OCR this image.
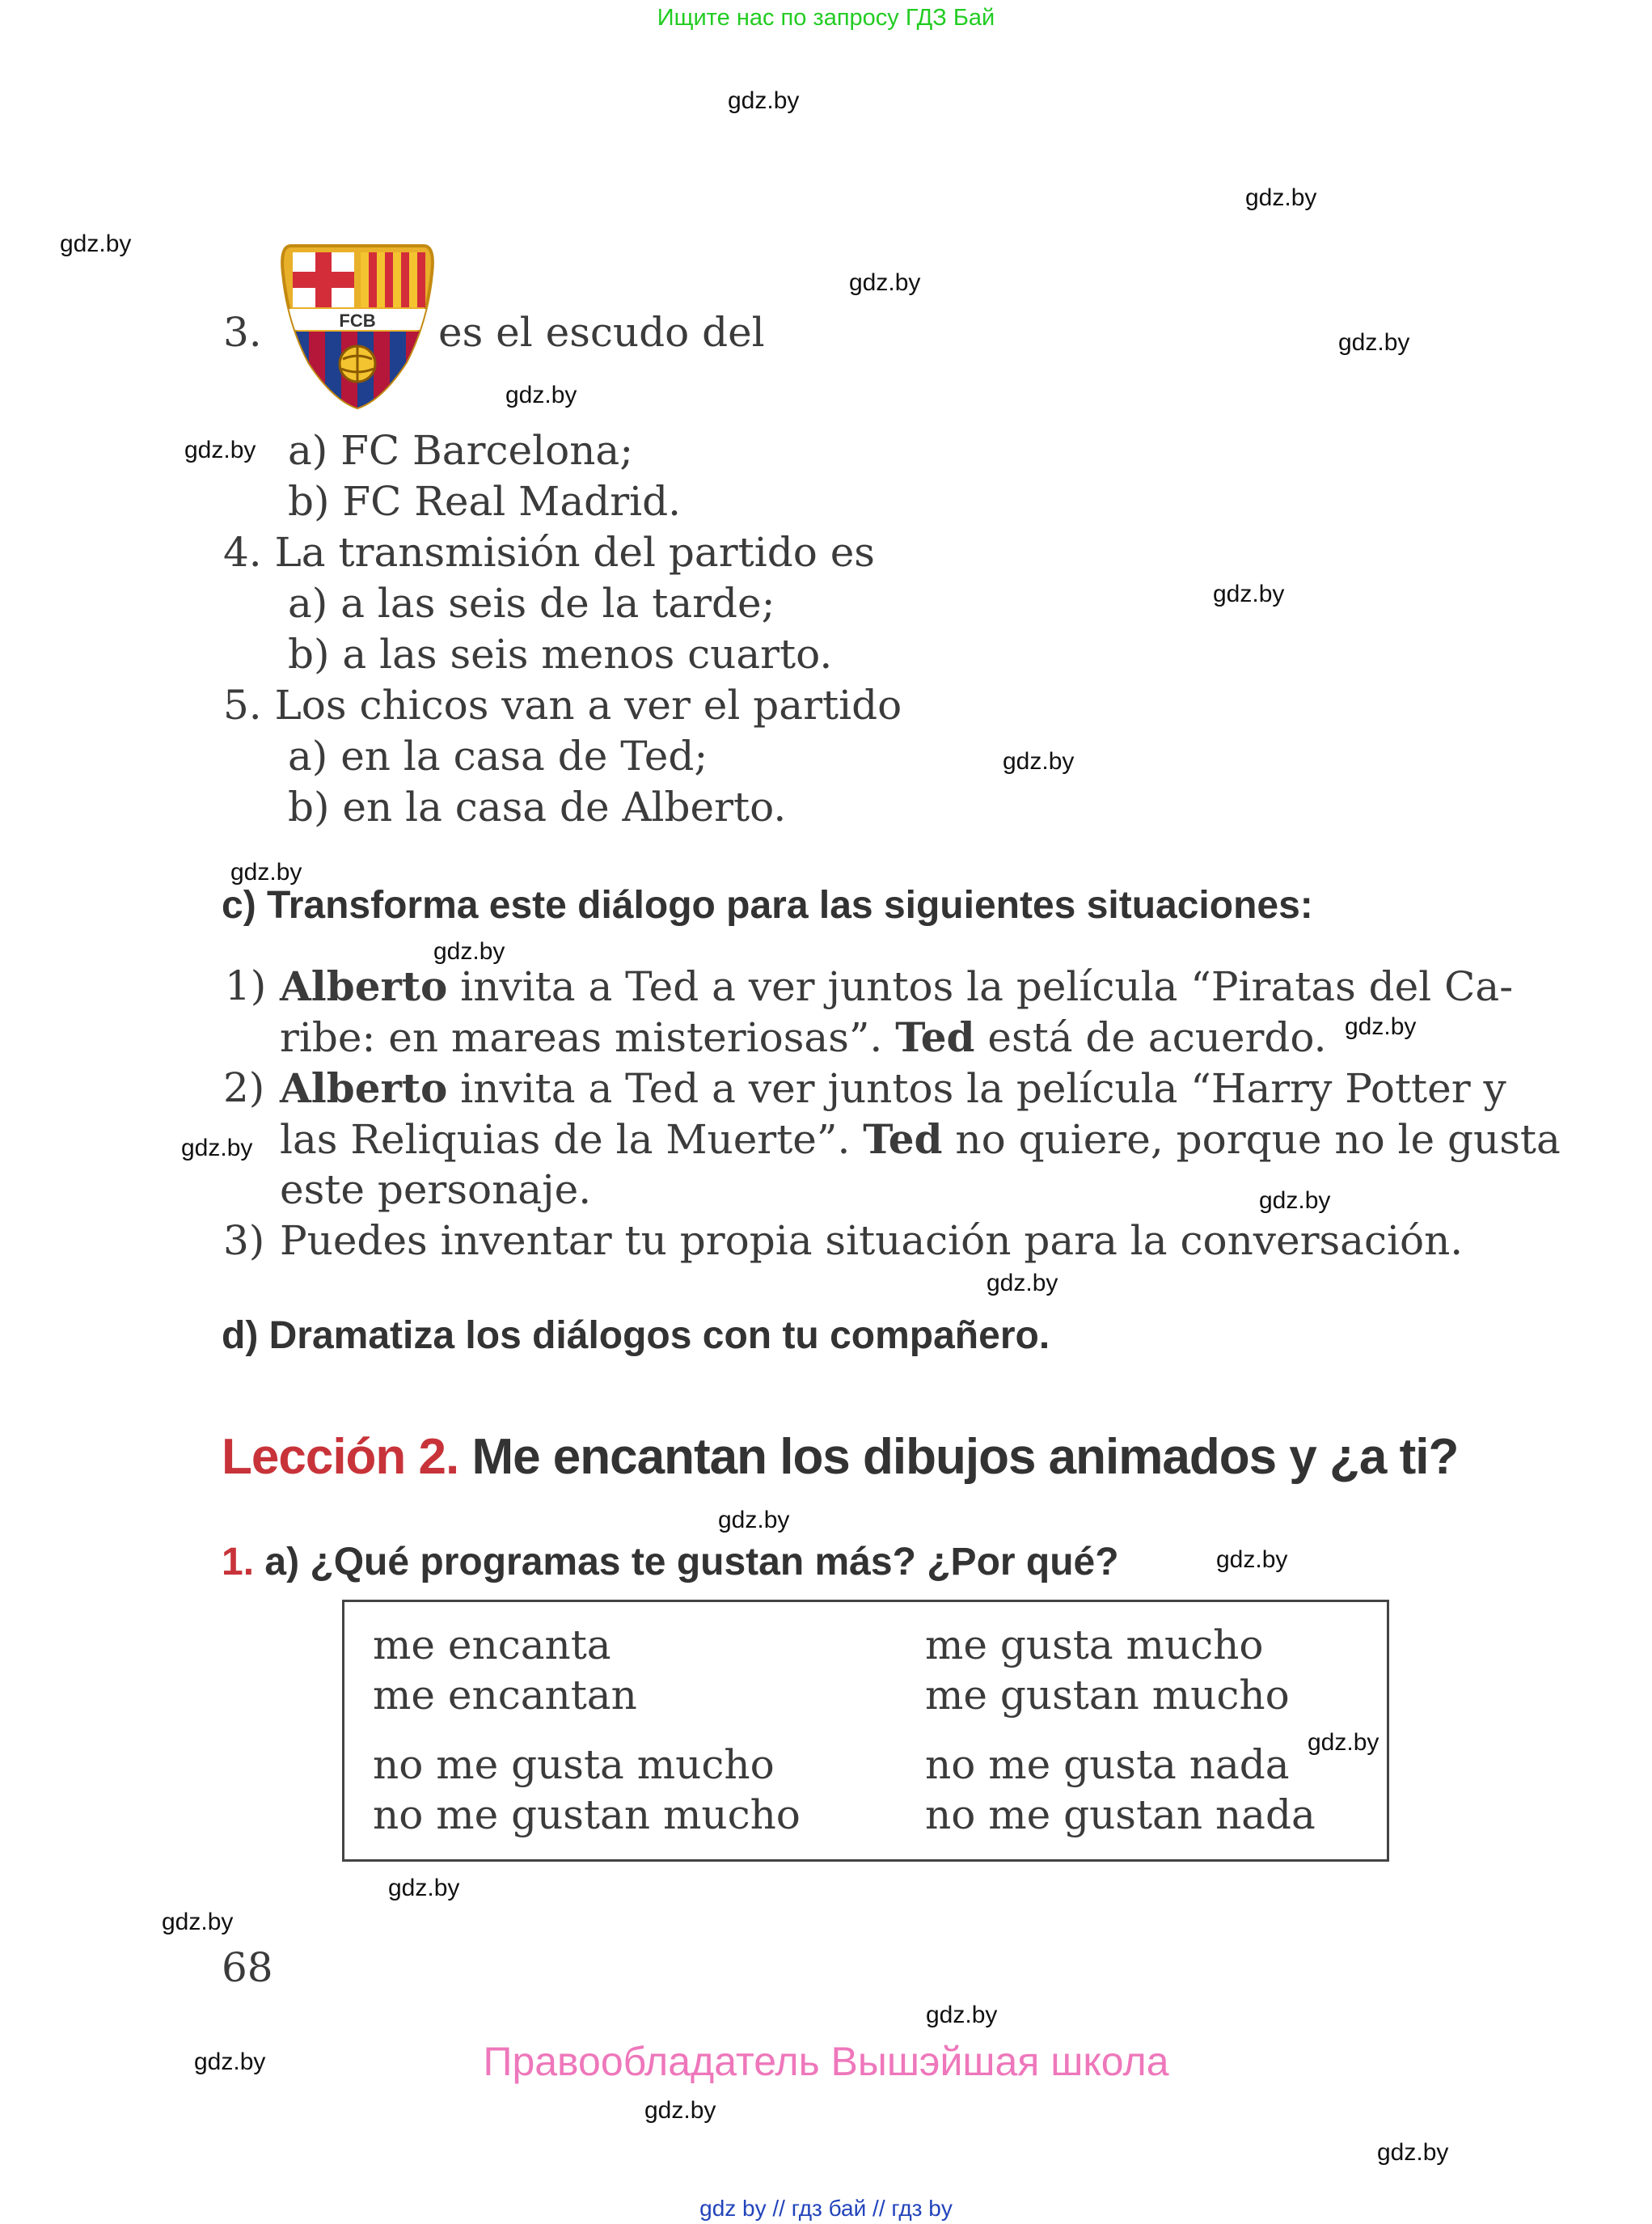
Ищите нас по запросу ГДЗ Бай
gdz.by
gdz.by
gdz.by
gdz.by
gdz.by
gdz.by
gdz.by
gdz.by
gdz.by
gdz.by
gdz.by
gdz.by
gdz.by
gdz.by
gdz.by
gdz.by
gdz.by
gdz.by
gdz.by
gdz.by
gdz.by
gdz.by
gdz.by
gdz.by
3.	FCB es el escudo del
a) FC Barcelona;
b) FC Real Madrid.
4. La transmisión del partido es
a) a las seis de la tarde;
b) a las seis menos cuarto.
5. Los chicos van a ver el partido
a) en la casa de Ted;
b) en la casa de Alberto.
c) Transforma este diálogo para las siguientes situaciones:
1) Alberto invita a Ted a ver juntos la película “Piratas del Ca-
ribe: en mareas misteriosas”. Ted está de acuerdo.
2) Alberto invita a Ted a ver juntos la película “Harry Potter y
las Reliquias de la Muerte”. Ted no quiere, porque no le gusta
este personaje.
3) Puedes inventar tu propia situación para la conversación.
d) Dramatiza los diálogos con tu compañero.
Lección 2. Me encantan los dibujos animados y ¿a ti?
1. a) ¿Qué programas te gustan más? ¿Por qué?
me encanta
me encantan
me gusta mucho
me gustan mucho
no me gusta mucho
no me gustan mucho
no me gusta nada
no me gustan nada
68
Правообладатель Вышэйшая школа
gdz by // гдз бай // гдз by
